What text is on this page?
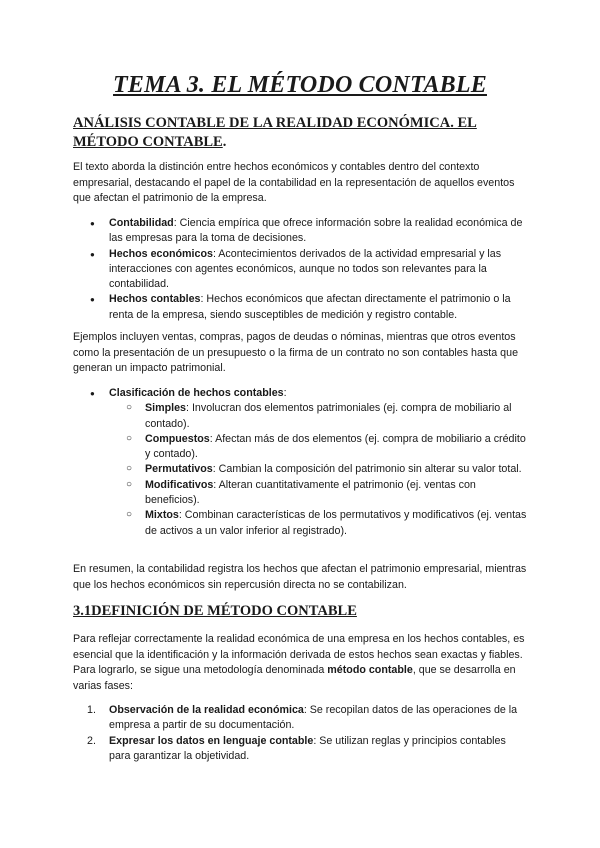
TEMA 3. EL MÉTODO CONTABLE
ANÁLISIS CONTABLE DE LA REALIDAD ECONÓMICA. EL MÉTODO CONTABLE.

El texto aborda la distinción entre hechos económicos y contables dentro del contexto empresarial, destacando el papel de la contabilidad en la representación de aquellos eventos que afectan el patrimonio de la empresa.

● Contabilidad: Ciencia empírica que ofrece información sobre la realidad económica de las empresas para la toma de decisiones.
● Hechos económicos: Acontecimientos derivados de la actividad empresarial y las interacciones con agentes económicos, aunque no todos son relevantes para la contabilidad.
● Hechos contables: Hechos económicos que afectan directamente el patrimonio o la renta de la empresa, siendo susceptibles de medición y registro contable.

Ejemplos incluyen ventas, compras, pagos de deudas o nóminas, mientras que otros eventos como la presentación de un presupuesto o la firma de un contrato no son contables hasta que generan un impacto patrimonial.

● Clasificación de hechos contables:
○ Simples: Involucran dos elementos patrimoniales (ej. compra de mobiliario al contado).
○ Compuestos: Afectan más de dos elementos (ej. compra de mobiliario a crédito y contado).
○ Permutativos: Cambian la composición del patrimonio sin alterar su valor total.
○ Modificativos: Alteran cuantitativamente el patrimonio (ej. ventas con beneficios).
○ Mixtos: Combinan características de los permutativos y modificativos (ej. ventas de activos a un valor inferior al registrado).

En resumen, la contabilidad registra los hechos que afectan el patrimonio empresarial, mientras que los hechos económicos sin repercusión directa no se contabilizan.

3.1DEFINICIÓN DE MÉTODO CONTABLE

Para reflejar correctamente la realidad económica de una empresa en los hechos contables, es esencial que la identificación y la información derivada de estos hechos sean exactas y fiables. Para lograrlo, se sigue una metodología denominada método contable, que se desarrolla en varias fases:

1. Observación de la realidad económica: Se recopilan datos de las operaciones de la empresa a partir de su documentación.
2. Expresar los datos en lenguaje contable: Se utilizan reglas y principios contables para garantizar la objetividad.
